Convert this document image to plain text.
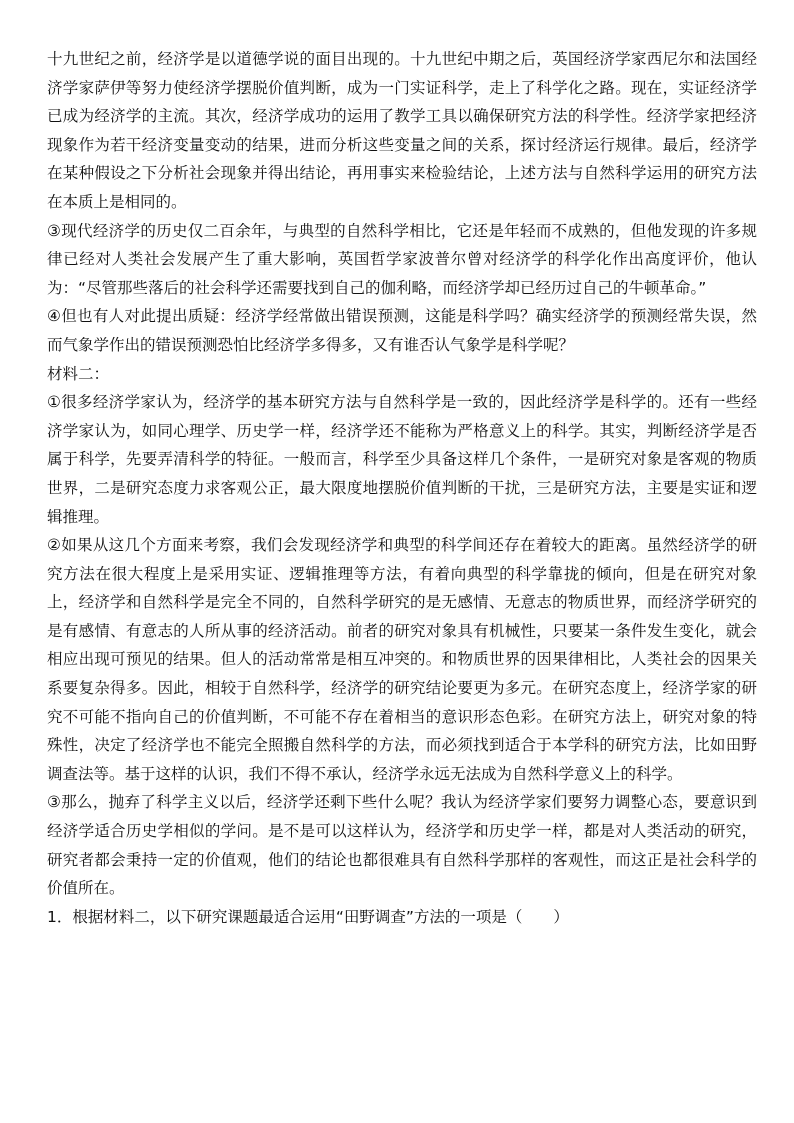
十九世纪之前，经济学是以道德学说的面目出现的。十九世纪中期之后，英国经济学家西尼尔和法国经济学家萨伊等努力使经济学摆脱价值判断，成为一门实证科学，走上了科学化之路。现在，实证经济学已成为经济学的主流。其次，经济学成功的运用了教学工具以确保研究方法的科学性。经济学家把经济现象作为若干经济变量变动的结果，进而分析这些变量之间的关系，探讨经济运行规律。最后，经济学在某种假设之下分析社会现象并得出结论，再用事实来检验结论，上述方法与自然科学运用的研究方法在本质上是相同的。

③现代经济学的历史仅二百余年，与典型的自然科学相比，它还是年轻而不成熟的，但他发现的许多规律已经对人类社会发展产生了重大影响，英国哲学家波普尔曾对经济学的科学化作出高度评价，他认为：“尽管那些落后的社会科学还需要找到自己的伽利略，而经济学却已经历过自己的牛顿革命。”

④但也有人对此提出质疑：经济学经常做出错误预测，这能是科学吗？确实经济学的预测经常失误，然而气象学作出的错误预测恐怕比经济学多得多，又有谁否认气象学是科学呢？

材料二：

①很多经济学家认为，经济学的基本研究方法与自然科学是一致的，因此经济学是科学的。还有一些经济学家认为，如同心理学、历史学一样，经济学还不能称为严格意义上的科学。其实，判断经济学是否属于科学，先要弄清科学的特征。一般而言，科学至少具备这样几个条件，一是研究对象是客观的物质世界，二是研究态度力求客观公正，最大限度地摆脱价值判断的干扰，三是研究方法，主要是实证和逻辑推理。

②如果从这几个方面来考察，我们会发现经济学和典型的科学间还存在着较大的距离。虽然经济学的研究方法在很大程度上是采用实证、逻辑推理等方法，有着向典型的科学靠拢的倾向，但是在研究对象上，经济学和自然科学是完全不同的，自然科学研究的是无感情、无意志的物质世界，而经济学研究的是有感情、有意志的人所从事的经济活动。前者的研究对象具有机械性，只要某一条件发生变化，就会相应出现可预见的结果。但人的活动常常是相互冲突的。和物质世界的因果律相比，人类社会的因果关系要复杂得多。因此，相较于自然科学，经济学的研究结论要更为多元。在研究态度上，经济学家的研究不可能不指向自己的价值判断，不可能不存在着相当的意识形态色彩。在研究方法上，研究对象的特殊性，决定了经济学也不能完全照搬自然科学的方法，而必须找到适合于本学科的研究方法，比如田野调查法等。基于这样的认识，我们不得不承认，经济学永远无法成为自然科学意义上的科学。

③那么，抛弃了科学主义以后，经济学还剩下些什么呢？我认为经济学家们要努力调整心态，要意识到经济学适合历史学相似的学问。是不是可以这样认为，经济学和历史学一样，都是对人类活动的研究，研究者都会秉持一定的价值观，他们的结论也都很难具有自然科学那样的客观性，而这正是社会科学的价值所在。

1．根据材料二，以下研究课题最适合运用“田野调查”方法的一项是（　　）
